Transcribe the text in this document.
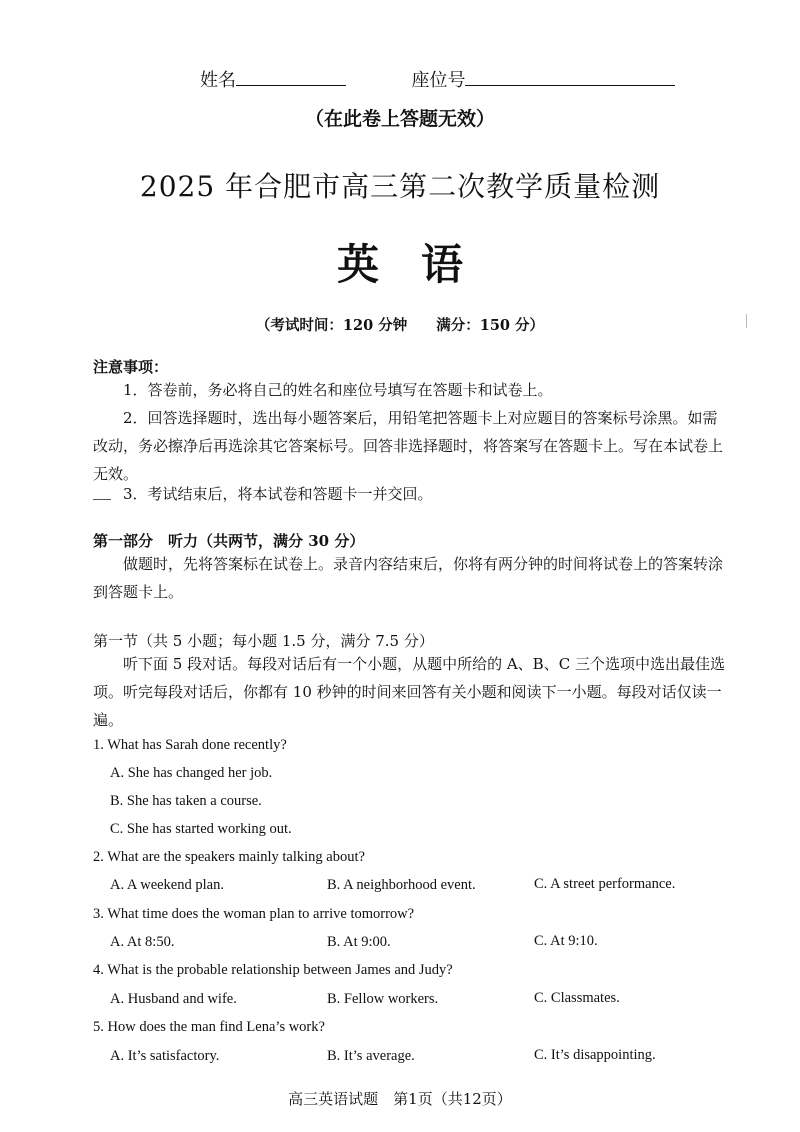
姓名	座位号
（在此卷上答题无效）
2025 年合肥市高三第二次教学质量检测
英　语
（考试时间：120 分钟　　满分：150 分）
注意事项：
1．答卷前，务必将自己的姓名和座位号填写在答题卡和试卷上。
2．回答选择题时，选出每小题答案后，用铅笔把答题卡上对应题目的答案标号涂黑。如需改动，务必擦净后再选涂其它答案标号。回答非选择题时，将答案写在答题卡上。写在本试卷上无效。
3．考试结束后，将本试卷和答题卡一并交回。
第一部分　听力（共两节，满分 30 分）
做题时，先将答案标在试卷上。录音内容结束后，你将有两分钟的时间将试卷上的答案转涂到答题卡上。
第一节（共 5 小题；每小题 1.5 分，满分 7.5 分）
听下面 5 段对话。每段对话后有一个小题，从题中所给的 A、B、C 三个选项中选出最佳选项。听完每段对话后，你都有 10 秒钟的时间来回答有关小题和阅读下一小题。每段对话仅读一遍。
1. What has Sarah done recently?
A. She has changed her job.
B. She has taken a course.
C. She has started working out.
2. What are the speakers mainly talking about?
A. A weekend plan.	B. A neighborhood event.	C. A street performance.
3. What time does the woman plan to arrive tomorrow?
A. At 8:50.	B. At 9:00.	C. At 9:10.
4. What is the probable relationship between James and Judy?
A. Husband and wife.	B. Fellow workers.	C. Classmates.
5. How does the man find Lena’s work?
A. It’s satisfactory.	B. It’s average.	C. It’s disappointing.
高三英语试题　第1页（共12页）
